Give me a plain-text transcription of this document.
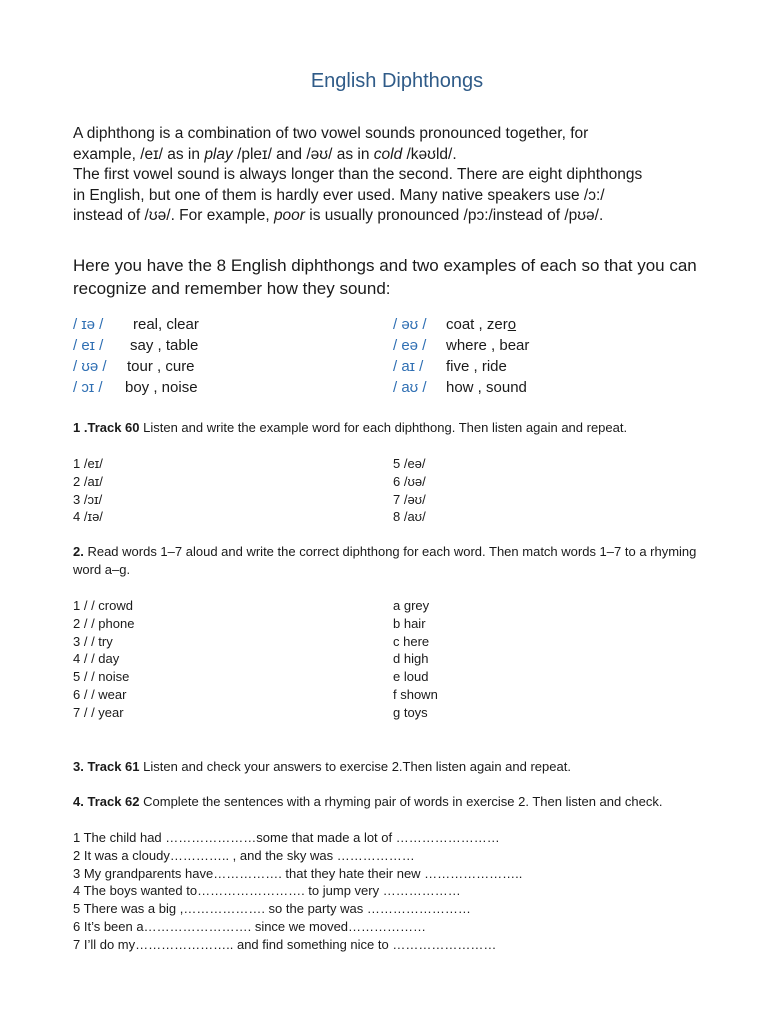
English Diphthongs

A diphthong is a combination of two vowel sounds pronounced together, for

example, /eɪ/ as in play /pleɪ/ and /əʊ/ as in cold /kəʊld/.

The first vowel sound is always longer than the second. There are eight diphthongs

in English, but one of them is hardly ever used. Many native speakers use /ɔ:/

instead of /ʊə/. For example, poor is usually pronounced /pɔ:/instead of /pʊə/.

Here you have the 8 English diphthongs and two examples of each so that you can recognize and remember how they sound:
/ ɪə / real, clear
/ eɪ / say , table
/ ʊə / tour , cure
/ ɔɪ / boy , noise
/ əʊ / coat , zero
/ eə / where , bear
/ aɪ / five , ride
/ aʊ / how , sound
1 .Track 60 Listen and write the example word for each diphthong. Then listen again and repeat.
1 /eɪ/
2 /aɪ/
3 /ɔɪ/
4 /ɪə/
5 /eə/
6 /ʊə/
7 /əʊ/
8 /aʊ/
2. Read words 1–7 aloud and write the correct diphthong for each word. Then match words 1–7 to a rhyming word a–g.
1 / / crowd
2 / / phone
3 / / try
4 / / day
5 / / noise
6 / / wear
7 / / year
a grey
b hair
c here
d high
e loud
f shown
g toys
3. Track 61 Listen and check your answers to exercise 2.Then listen again and repeat.
4. Track 62 Complete the sentences with a rhyming pair of words in exercise 2. Then listen and check.
1 The child had …………………some that made a lot of ……………………
2 It was a cloudy………….. , and the sky was ………………
3 My grandparents have……………. that they hate their new …………………..
4 The boys wanted to……………………. to jump very ………………
5 There was a big ,………………. so the party was ……………………
6 It’s been a……………………. since we moved………………
7 I’ll do my………………….. and find something nice to ……………………
